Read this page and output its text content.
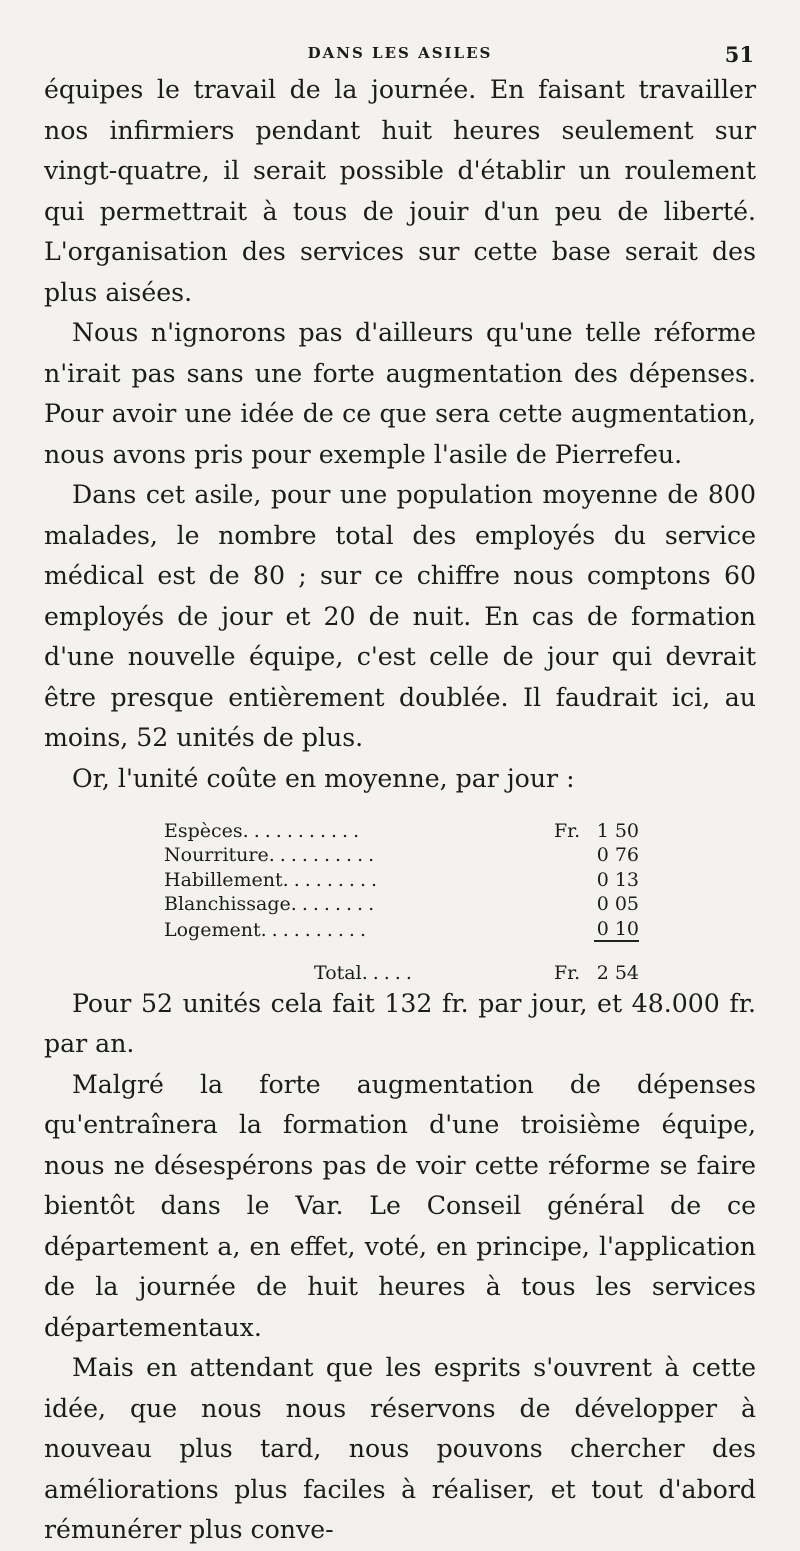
DANS LES ASILES	51

équipes le travail de la journée. En faisant travailler nos infirmiers pendant huit heures seulement sur vingt-quatre, il serait possible d'établir un roulement qui permettrait à tous de jouir d'un peu de liberté. L'organisation des services sur cette base serait des plus aisées.

Nous n'ignorons pas d'ailleurs qu'une telle réforme n'irait pas sans une forte augmentation des dépenses. Pour avoir une idée de ce que sera cette augmentation, nous avons pris pour exemple l'asile de Pierrefeu.

Dans cet asile, pour une population moyenne de 800 malades, le nombre total des employés du service médical est de 80 ; sur ce chiffre nous comptons 60 employés de jour et 20 de nuit. En cas de formation d'une nouvelle équipe, c'est celle de jour qui devrait être presque entièrement doublée. Il faudrait ici, au moins, 52 unités de plus.

Or, l'unité coûte en moyenne, par jour :

Espèces...........	Fr.	1 50
Nourriture..........		0 76
Habillement.........		0 13
Blanchissage........		0 05
Logement..........		0 10
Total.....	Fr.	2 54

Pour 52 unités cela fait 132 fr. par jour, et 48.000 fr. par an.

Malgré la forte augmentation de dépenses qu'entraînera la formation d'une troisième équipe, nous ne désespérons pas de voir cette réforme se faire bientôt dans le Var. Le Conseil général de ce département a, en effet, voté, en principe, l'application de la journée de huit heures à tous les services départementaux.

Mais en attendant que les esprits s'ouvrent à cette idée, que nous nous réservons de développer à nouveau plus tard, nous pouvons chercher des améliorations plus faciles à réaliser, et tout d'abord rémunérer plus conve-
